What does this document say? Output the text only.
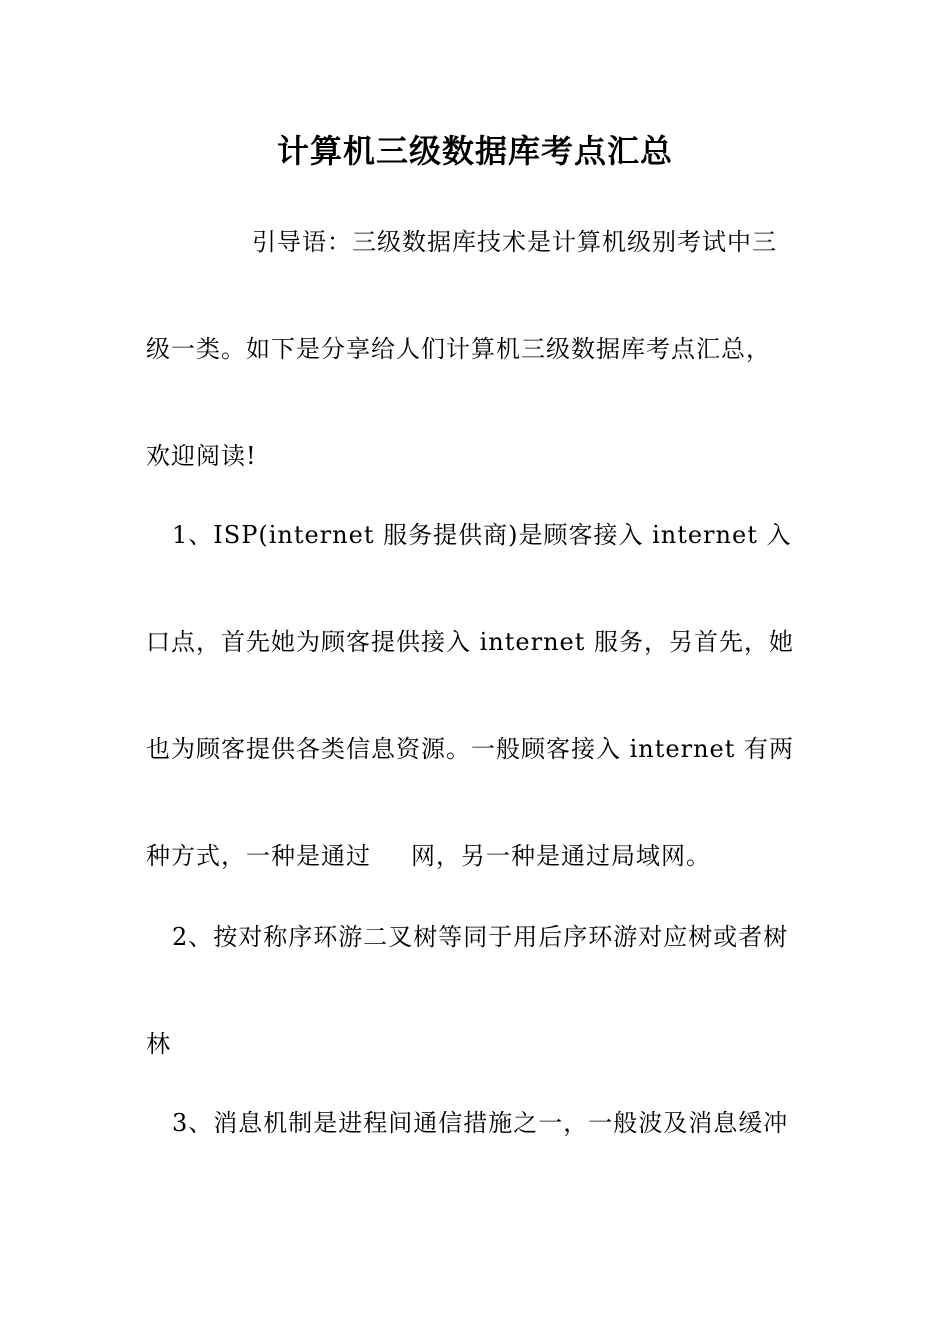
计算机三级数据库考点汇总
引导语：三级数据库技术是计算机级别考试中三
级一类。如下是分享给人们计算机三级数据库考点汇总，
欢迎阅读!
1、ISP(internet 服务提供商)是顾客接入 internet 入
口点，首先她为顾客提供接入 internet 服务，另首先，她
也为顾客提供各类信息资源。一般顾客接入 internet 有两
种方式，一种是通过 网，另一种是通过局域网。
2、按对称序环游二叉树等同于用后序环游对应树或者树
林
3、消息机制是进程间通信措施之一，一般波及消息缓冲
